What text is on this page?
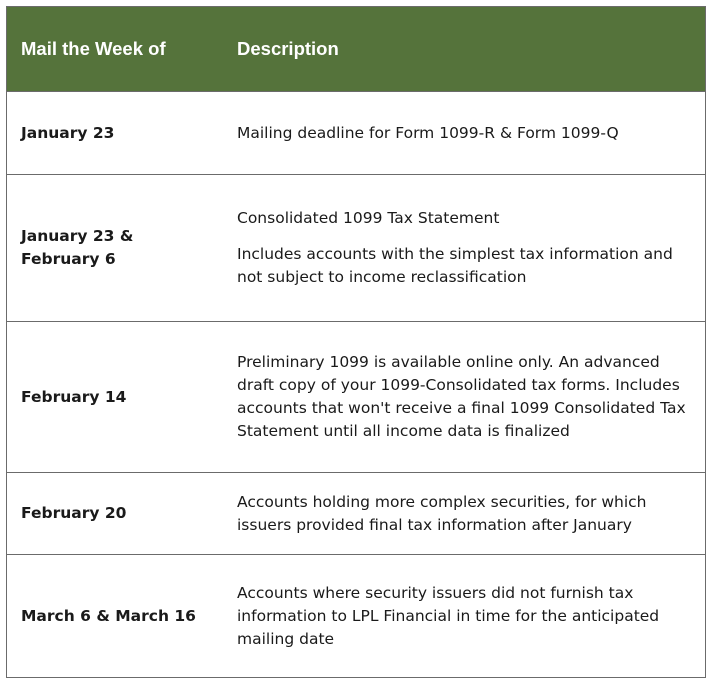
Mail the Week of	Description
January 23	Mailing deadline for Form 1099-R & Form 1099-Q

January 23 & February 6

Consolidated 1099 Tax Statement

Includes accounts with the simplest tax information and not subject to income reclassification

February 14

Preliminary 1099 is available online only. An advanced draft copy of your 1099-Consolidated tax forms. Includes accounts that won't receive a final 1099 Consolidated Tax Statement until all income data is finalized

February 20

Accounts holding more complex securities, for which issuers provided final tax information after January

March 6 & March 16

Accounts where security issuers did not furnish tax information to LPL Financial in time for the anticipated mailing date
